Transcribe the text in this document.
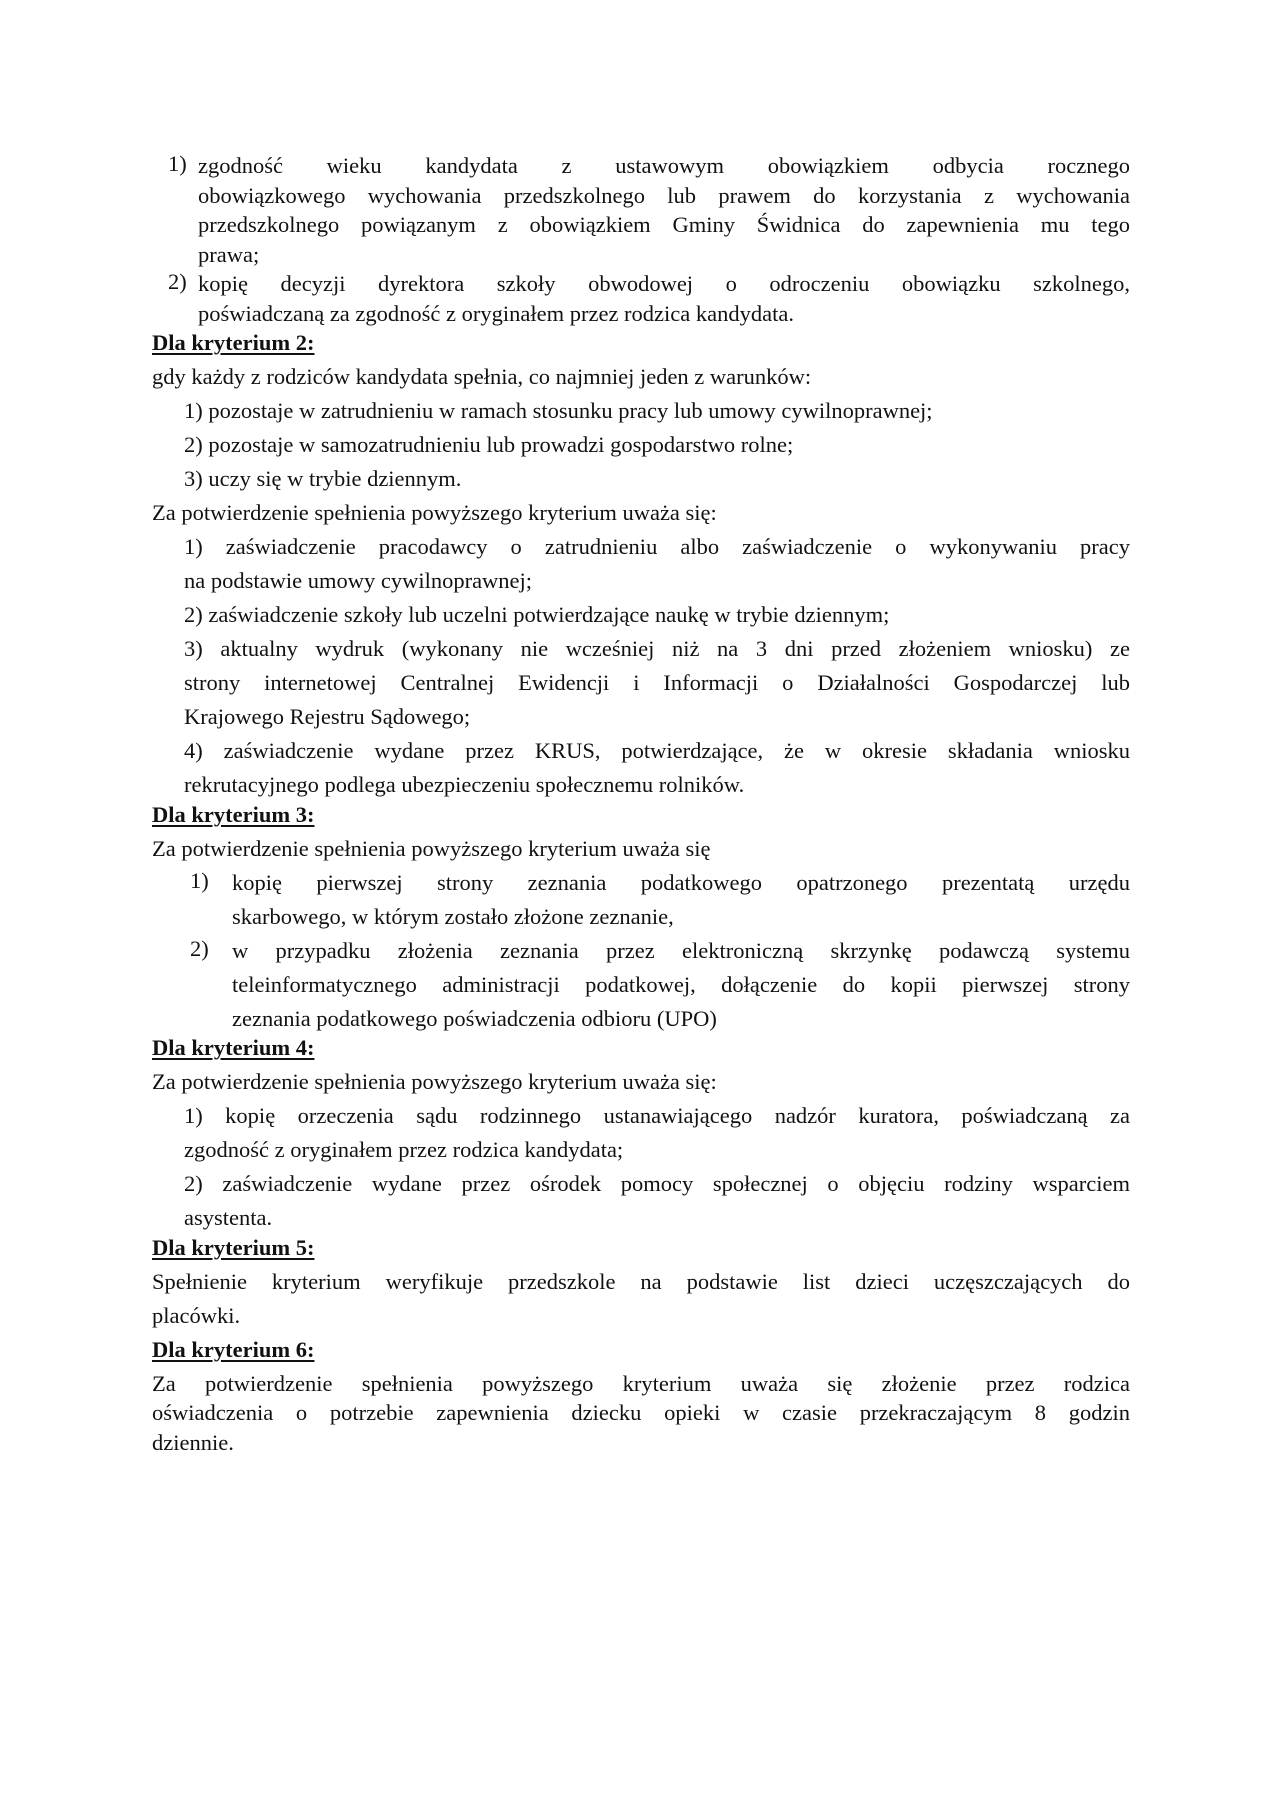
1) zgodność wieku kandydata z ustawowym obowiązkiem odbycia rocznego
obowiązkowego wychowania przedszkolnego lub prawem do korzystania z wychowania
przedszkolnego powiązanym z obowiązkiem Gminy Świdnica do zapewnienia mu tego
prawa;
2) kopię decyzji dyrektora szkoły obwodowej o odroczeniu obowiązku szkolnego,
poświadczaną za zgodność z oryginałem przez rodzica kandydata.
Dla kryterium 2:
gdy każdy z rodziców kandydata spełnia, co najmniej jeden z warunków:
1) pozostaje w zatrudnieniu w ramach stosunku pracy lub umowy cywilnoprawnej;
2) pozostaje w samozatrudnieniu lub prowadzi gospodarstwo rolne;
3) uczy się w trybie dziennym.
Za potwierdzenie spełnienia powyższego kryterium uważa się:
1) zaświadczenie pracodawcy o zatrudnieniu albo zaświadczenie o wykonywaniu pracy
na podstawie umowy cywilnoprawnej;
2) zaświadczenie szkoły lub uczelni potwierdzające naukę w trybie dziennym;
3) aktualny wydruk (wykonany nie wcześniej niż na 3 dni przed złożeniem wniosku) ze
strony internetowej Centralnej Ewidencji i Informacji o Działalności Gospodarczej lub
Krajowego Rejestru Sądowego;
4) zaświadczenie wydane przez KRUS, potwierdzające, że w okresie składania wniosku
rekrutacyjnego podlega ubezpieczeniu społecznemu rolników.
Dla kryterium 3:
Za potwierdzenie spełnienia powyższego kryterium uważa się
1)	kopię pierwszej strony zeznania podatkowego opatrzonego prezentatą urzędu
skarbowego, w którym zostało złożone zeznanie,
2)	w przypadku złożenia zeznania przez elektroniczną skrzynkę podawczą systemu
teleinformatycznego administracji podatkowej, dołączenie do kopii pierwszej strony
zeznania podatkowego poświadczenia odbioru (UPO)
Dla kryterium 4:
Za potwierdzenie spełnienia powyższego kryterium uważa się:
1) kopię orzeczenia sądu rodzinnego ustanawiającego nadzór kuratora, poświadczaną za
zgodność z oryginałem przez rodzica kandydata;
2) zaświadczenie wydane przez ośrodek pomocy społecznej o objęciu rodziny wsparciem
asystenta.
Dla kryterium 5:
Spełnienie kryterium weryfikuje przedszkole na podstawie list dzieci uczęszczających do
placówki.
Dla kryterium 6:
Za potwierdzenie spełnienia powyższego kryterium uważa się złożenie przez rodzica
oświadczenia o potrzebie zapewnienia dziecku opieki w czasie przekraczającym 8 godzin
dziennie.
